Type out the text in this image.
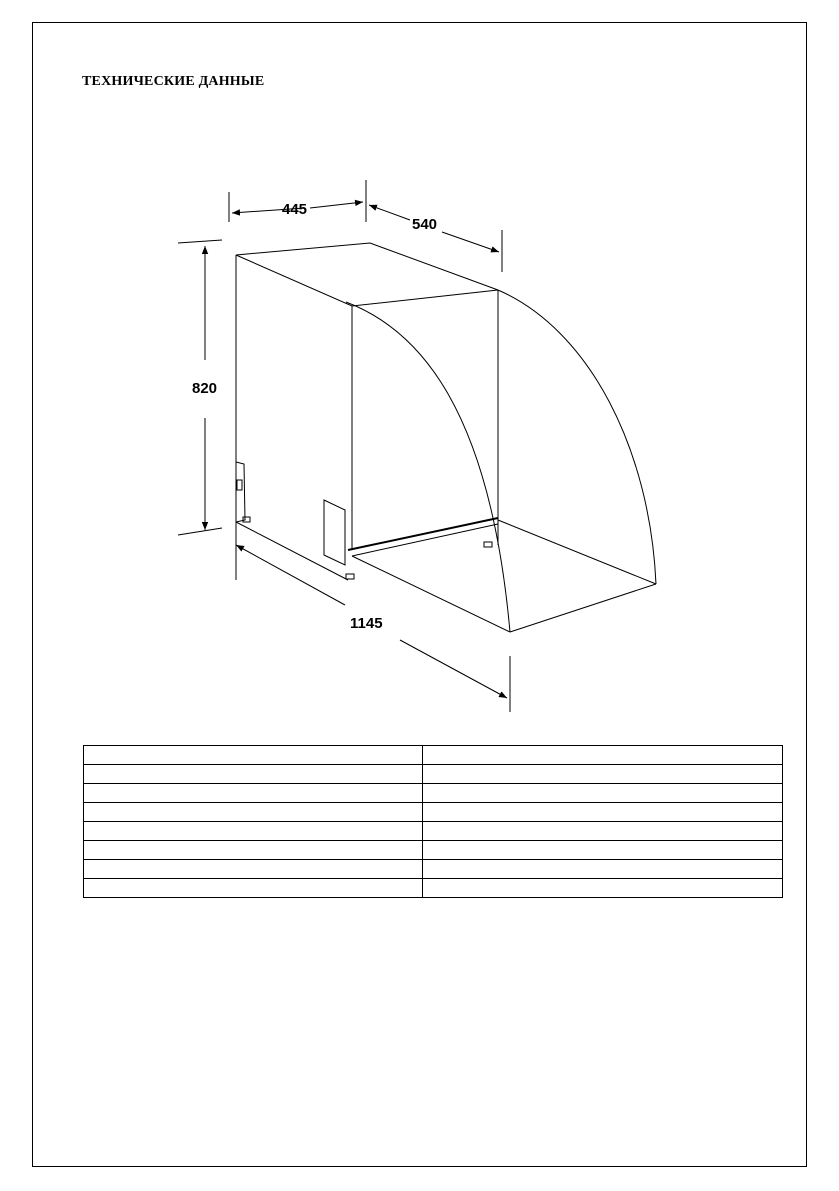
ТЕХНИЧЕСКИЕ ДАННЫЕ
445
540
820
1145
